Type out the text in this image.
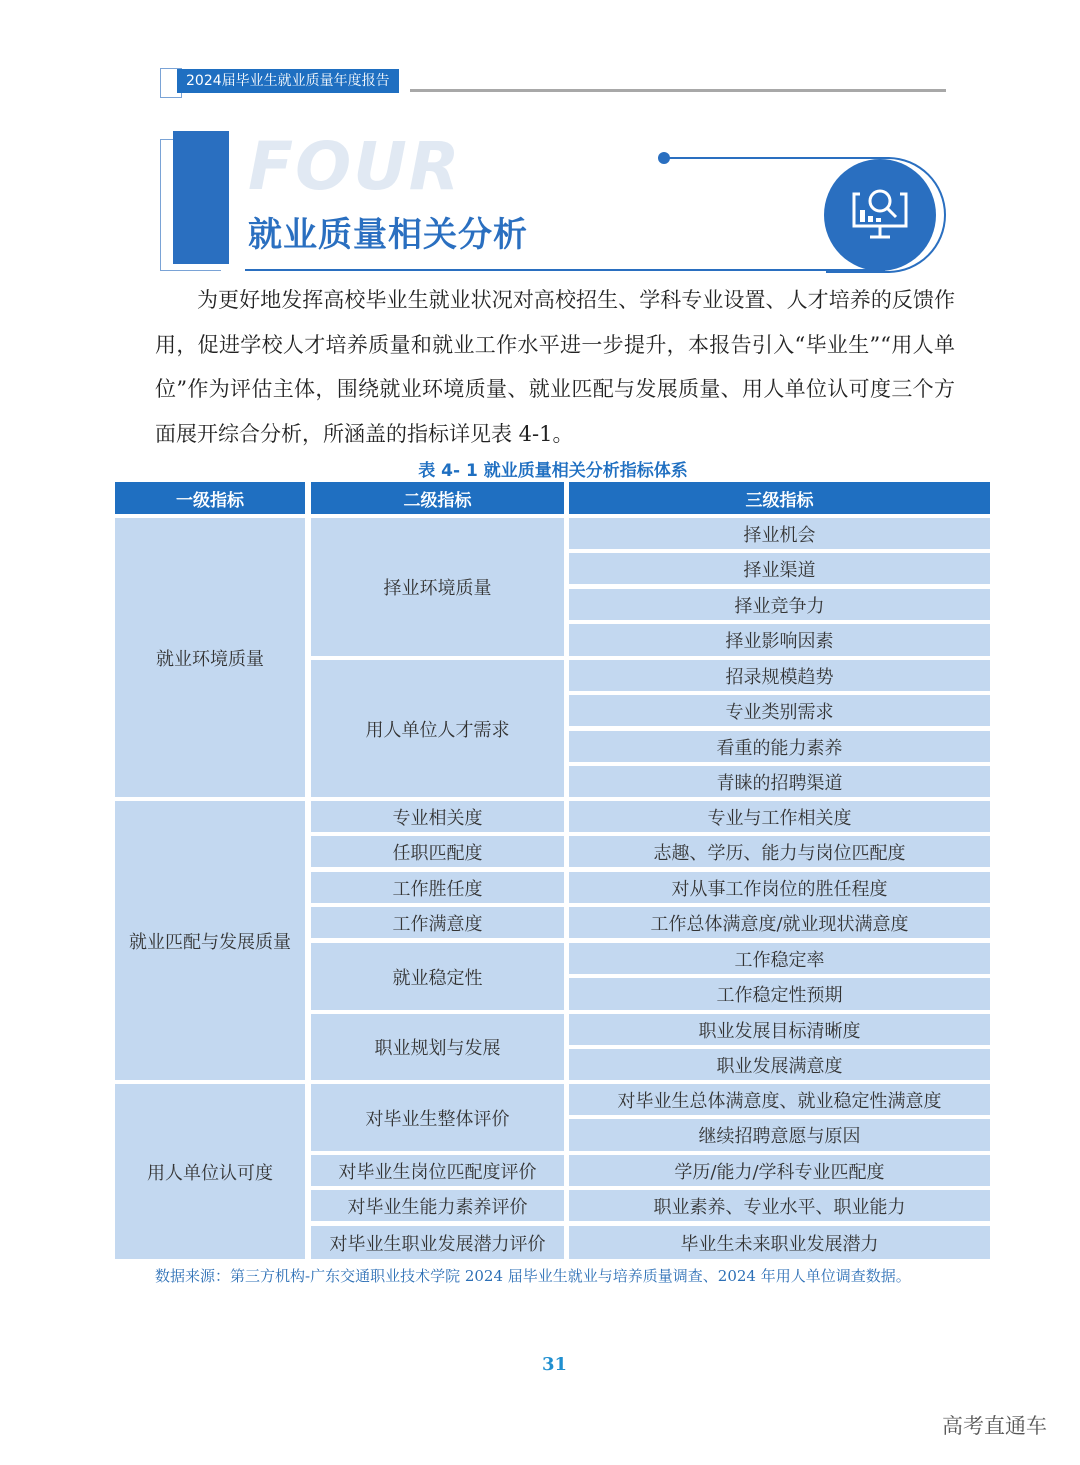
2024届毕业生就业质量年度报告
FOUR
就业质量相关分析

为更好地发挥高校毕业生就业状况对高校招生、学科专业设置、人才培养的反馈作用，促进学校人才培养质量和就业工作水平进一步提升，本报告引入“毕业生”“用人单位”作为评估主体，围绕就业环境质量、就业匹配与发展质量、用人单位认可度三个方面展开综合分析，所涵盖的指标详见表 4-1。

表 4- 1 就业质量相关分析指标体系
一级指标	二级指标	三级指标
就业环境质量
就业匹配与发展质量
用人单位认可度
择业环境质量
用人单位人才需求
专业相关度
任职匹配度
工作胜任度
工作满意度
就业稳定性
职业规划与发展
对毕业生整体评价
对毕业生岗位匹配度评价
对毕业生能力素养评价
对毕业生职业发展潜力评价
择业机会
择业渠道
择业竞争力
择业影响因素
招录规模趋势
专业类别需求
看重的能力素养
青睐的招聘渠道
专业与工作相关度
志趣、学历、能力与岗位匹配度
对从事工作岗位的胜任程度
工作总体满意度/就业现状满意度
工作稳定率
工作稳定性预期
职业发展目标清晰度
职业发展满意度
对毕业生总体满意度、就业稳定性满意度
继续招聘意愿与原因
学历/能力/学科专业匹配度
职业素养、专业水平、职业能力
毕业生未来职业发展潜力
数据来源：第三方机构-广东交通职业技术学院 2024 届毕业生就业与培养质量调查、2024 年用人单位调查数据。
31
高考直通车
